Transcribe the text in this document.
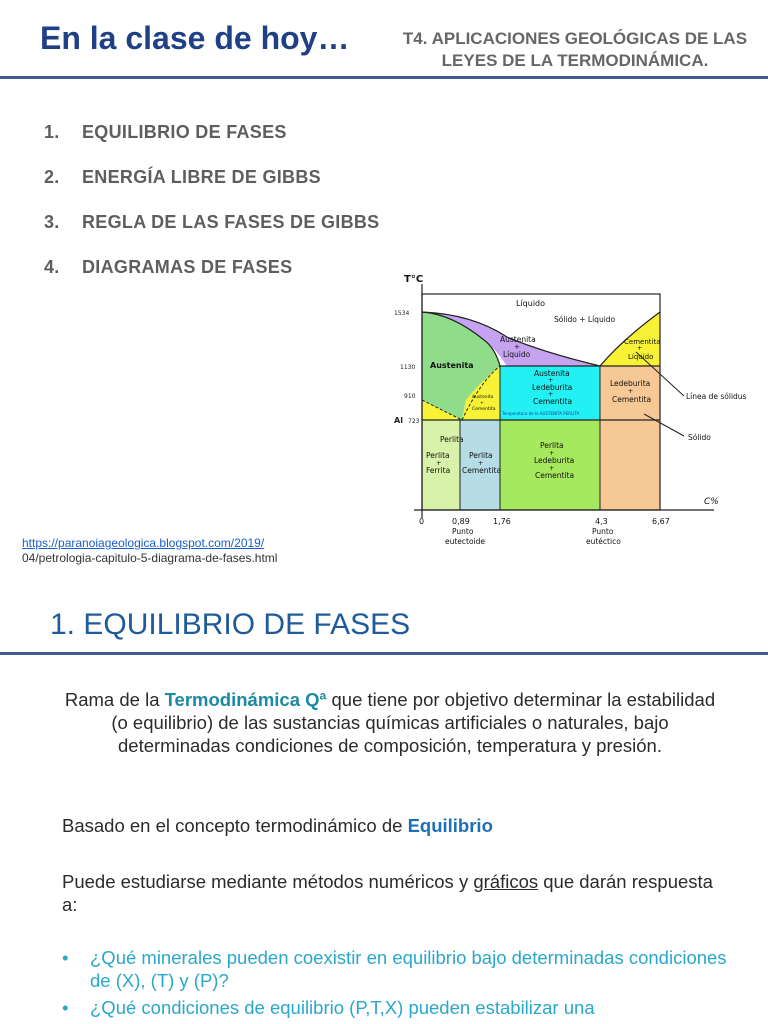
En la clase de hoy…	T4. APLICACIONES GEOLÓGICAS DE LAS
LEYES DE LA TERMODINÁMICA.
1. EQUILIBRIO DE FASES
2. ENERGÍA LIBRE DE GIBBS
3. REGLA DE LAS FASES DE GIBBS
4. DIAGRAMAS DE FASES
https://paranoiageologica.blogspot.com/2019/
04/petrologia-capitulo-5-diagrama-de-fases.html
T°C
C%
1534
1130
910
Al 723
0	0,89	1,76	4,3	6,67
Punto
eutectoide
Punto
eutéctico
Líquido
Sólido + Líquido
Austenita
+
Líquido
Austenita
Cementita
+
Líquido
Austenita
+
Ledeburita
+
Cementita
Temperatura de la AUSTENITA PERLITA
Ledeburita
+
Cementita
Austenita
+
Cementita
Perlita
Perlita
+
Ferrita
Perlita
+
Cementita
Perlita
+
Ledeburita
+
Cementita
Línea de sólidus
Sólido
1. EQUILIBRIO DE FASES
Rama de la Termodinámica Qª que tiene por objetivo determinar la estabilidad (o equilibrio) de las sustancias químicas artificiales o naturales, bajo determinadas condiciones de composición, temperatura y presión.
Basado en el concepto termodinámico de Equilibrio
Puede estudiarse mediante métodos numéricos y gráficos que darán respuesta a:
• ¿Qué minerales pueden coexistir en equilibrio bajo determinadas condiciones de (X), (T) y (P)?
• ¿Qué condiciones de equilibrio (P,T,X) pueden estabilizar una
